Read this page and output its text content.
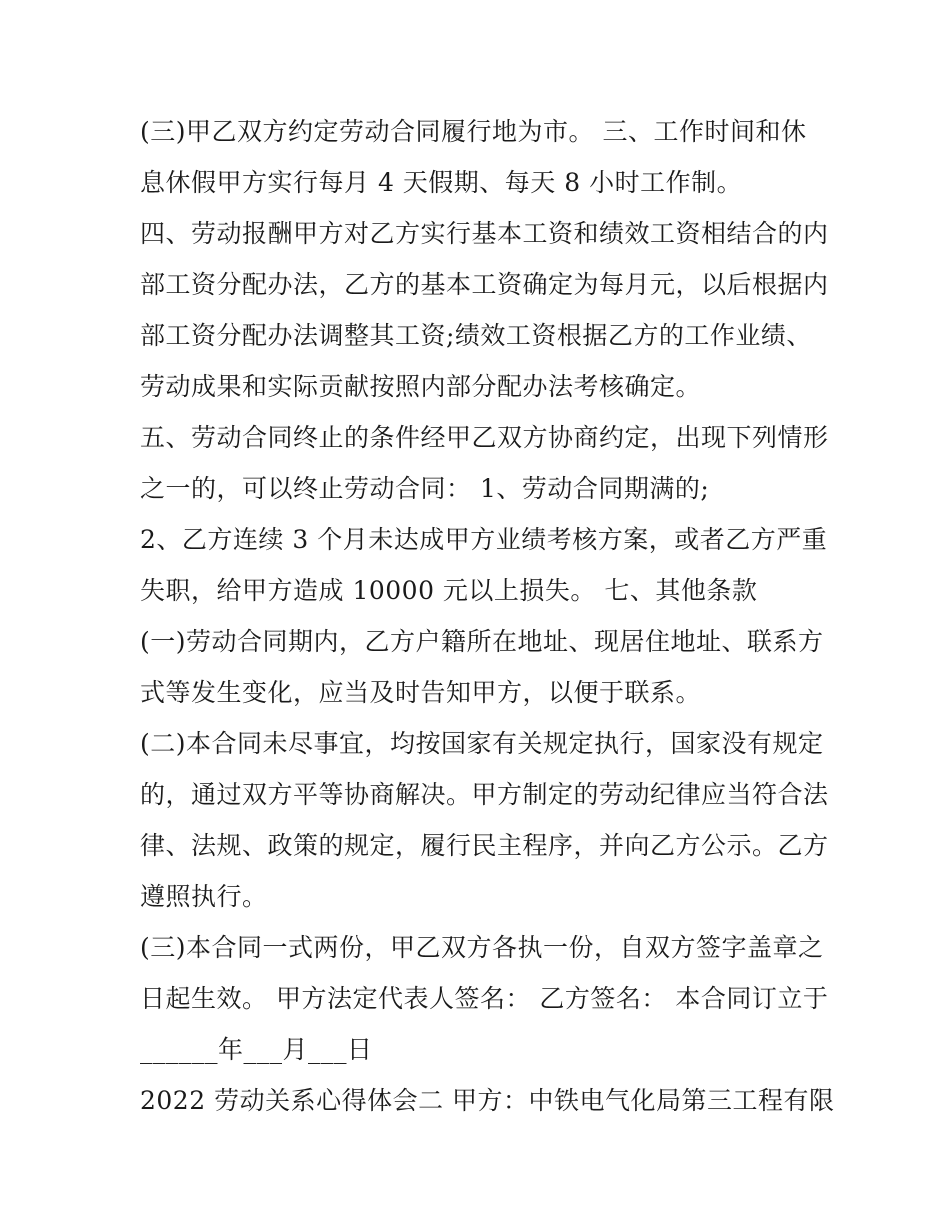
(三)甲乙双方约定劳动合同履行地为市。 三、工作时间和休
息休假甲方实行每月 4 天假期、每天 8 小时工作制。
四、劳动报酬甲方对乙方实行基本工资和绩效工资相结合的内
部工资分配办法，乙方的基本工资确定为每月元，以后根据内
部工资分配办法调整其工资;绩效工资根据乙方的工作业绩、
劳动成果和实际贡献按照内部分配办法考核确定。
五、劳动合同终止的条件经甲乙双方协商约定，出现下列情形
之一的，可以终止劳动合同： 1、劳动合同期满的;
2、乙方连续 3 个月未达成甲方业绩考核方案，或者乙方严重
失职，给甲方造成 10000 元以上损失。 七、其他条款
(一)劳动合同期内，乙方户籍所在地址、现居住地址、联系方
式等发生变化，应当及时告知甲方，以便于联系。
(二)本合同未尽事宜，均按国家有关规定执行，国家没有规定
的，通过双方平等协商解决。甲方制定的劳动纪律应当符合法
律、法规、政策的规定，履行民主程序，并向乙方公示。乙方
遵照执行。
(三)本合同一式两份，甲乙双方各执一份，自双方签字盖章之
日起生效。 甲方法定代表人签名： 乙方签名： 本合同订立于
______年___月___日
2022 劳动关系心得体会二 甲方：中铁电气化局第三工程有限
